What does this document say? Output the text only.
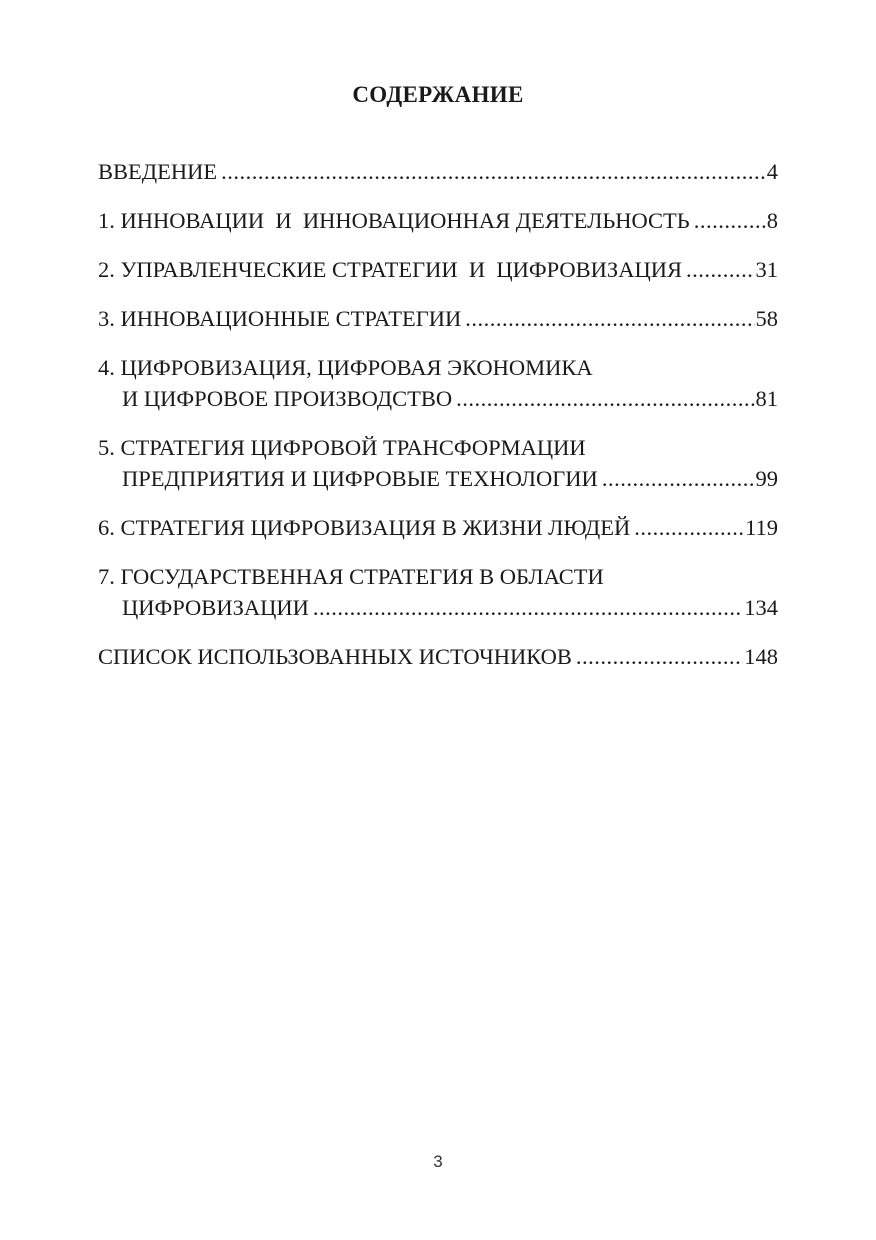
СОДЕРЖАНИЕ
ВВЕДЕНИЕ .....	4
1. ИННОВАЦИИ  И  ИННОВАЦИОННАЯ ДЕЯТЕЛЬНОСТЬ .....	8
2. УПРАВЛЕНЧЕСКИЕ СТРАТЕГИИ  И  ЦИФРОВИЗАЦИЯ .....	31
3. ИННОВАЦИОННЫЕ СТРАТЕГИИ .....	58
4. ЦИФРОВИЗАЦИЯ, ЦИФРОВАЯ ЭКОНОМИКА
И ЦИФРОВОЕ ПРОИЗВОДСТВО .....	81
5. СТРАТЕГИЯ ЦИФРОВОЙ ТРАНСФОРМАЦИИ
ПРЕДПРИЯТИЯ И ЦИФРОВЫЕ ТЕХНОЛОГИИ .....	99
6. СТРАТЕГИЯ ЦИФРОВИЗАЦИЯ В ЖИЗНИ ЛЮДЕЙ .....	119
7. ГОСУДАРСТВЕННАЯ СТРАТЕГИЯ В ОБЛАСТИ
ЦИФРОВИЗАЦИИ .....	134
СПИСОК ИСПОЛЬЗОВАННЫХ ИСТОЧНИКОВ .....	148
3
